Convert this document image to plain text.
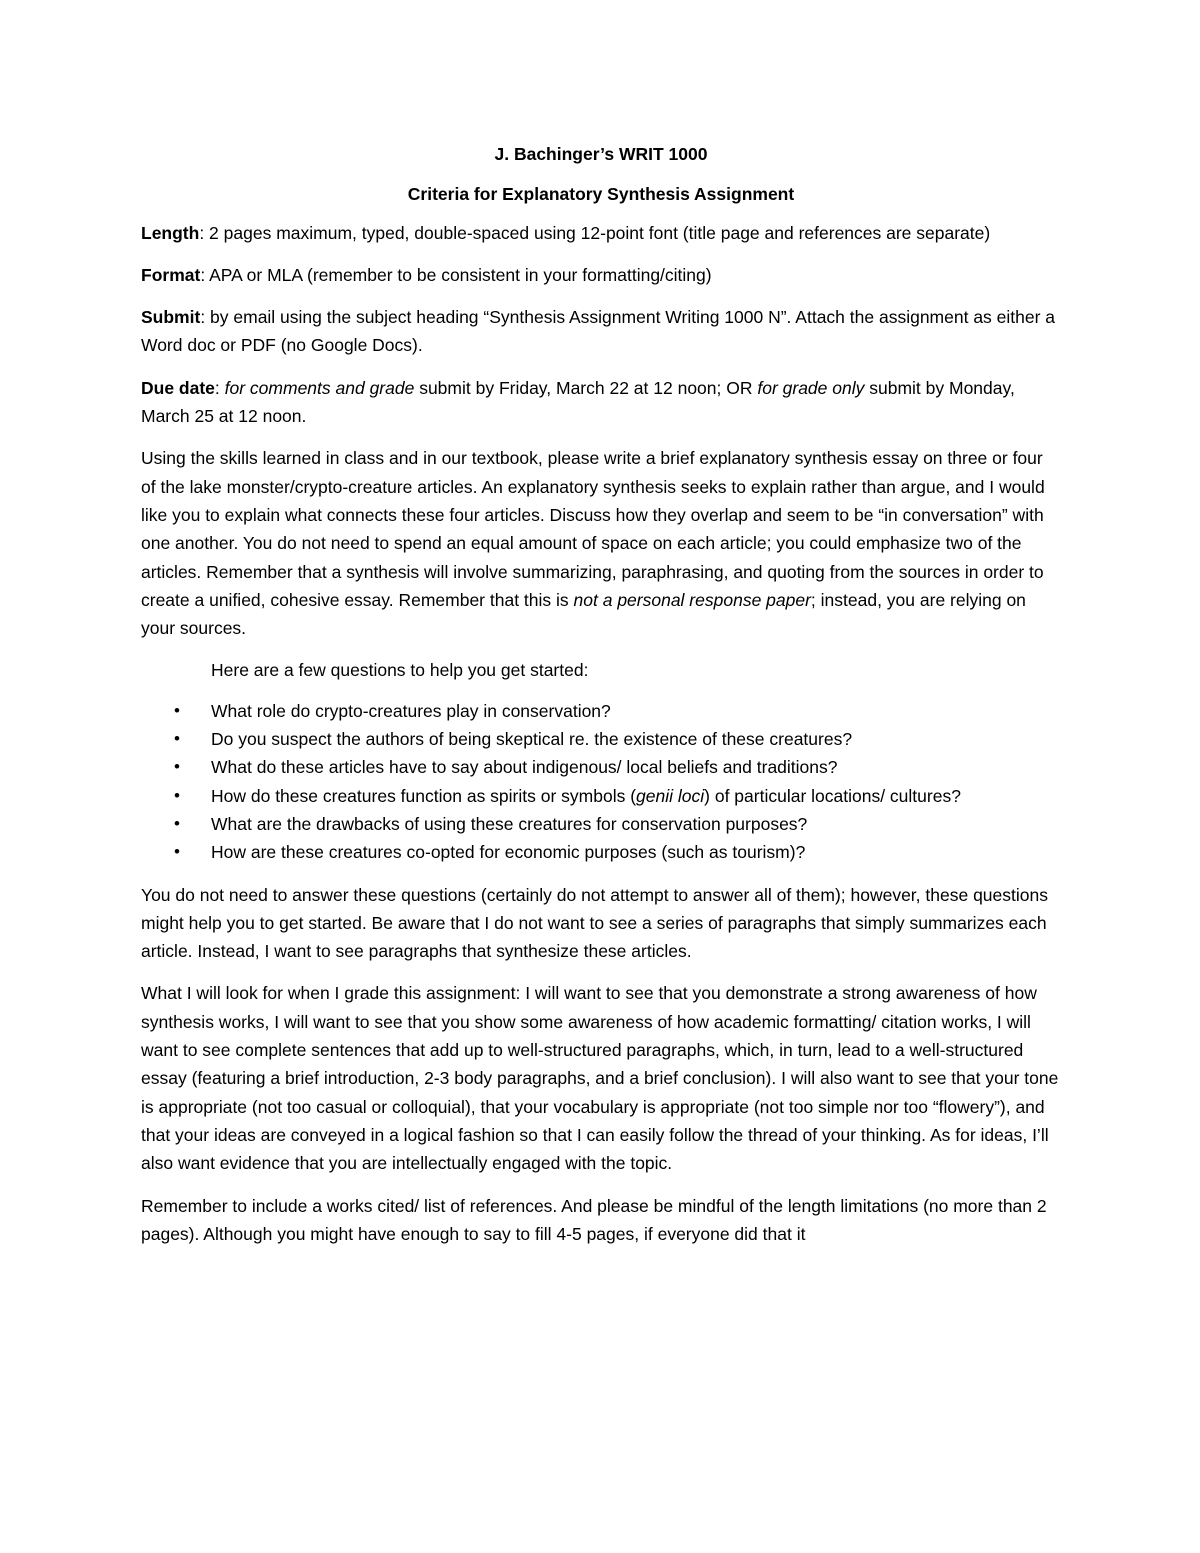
J. Bachinger’s WRIT 1000

Criteria for Explanatory Synthesis Assignment

Length: 2 pages maximum, typed, double-spaced using 12-point font (title page and references are separate)

Format: APA or MLA (remember to be consistent in your formatting/citing)

Submit: by email using the subject heading “Synthesis Assignment Writing 1000 N”. Attach the assignment as either a Word doc or PDF (no Google Docs).

Due date: for comments and grade submit by Friday, March 22 at 12 noon; OR for grade only submit by Monday, March 25 at 12 noon.

Using the skills learned in class and in our textbook, please write a brief explanatory synthesis essay on three or four of the lake monster/crypto-creature articles. An explanatory synthesis seeks to explain rather than argue, and I would like you to explain what connects these four articles. Discuss how they overlap and seem to be “in conversation” with one another. You do not need to spend an equal amount of space on each article; you could emphasize two of the articles. Remember that a synthesis will involve summarizing, paraphrasing, and quoting from the sources in order to create a unified, cohesive essay. Remember that this is not a personal response paper; instead, you are relying on your sources.

Here are a few questions to help you get started:

• What role do crypto-creatures play in conservation?
• Do you suspect the authors of being skeptical re. the existence of these creatures?
• What do these articles have to say about indigenous/ local beliefs and traditions?
• How do these creatures function as spirits or symbols (genii loci) of particular locations/ cultures?
• What are the drawbacks of using these creatures for conservation purposes?
• How are these creatures co-opted for economic purposes (such as tourism)?

You do not need to answer these questions (certainly do not attempt to answer all of them); however, these questions might help you to get started. Be aware that I do not want to see a series of paragraphs that simply summarizes each article. Instead, I want to see paragraphs that synthesize these articles.

What I will look for when I grade this assignment: I will want to see that you demonstrate a strong awareness of how synthesis works, I will want to see that you show some awareness of how academic formatting/ citation works, I will want to see complete sentences that add up to well-structured paragraphs, which, in turn, lead to a well-structured essay (featuring a brief introduction, 2-3 body paragraphs, and a brief conclusion). I will also want to see that your tone is appropriate (not too casual or colloquial), that your vocabulary is appropriate (not too simple nor too “flowery”), and that your ideas are conveyed in a logical fashion so that I can easily follow the thread of your thinking. As for ideas, I’ll also want evidence that you are intellectually engaged with the topic.

Remember to include a works cited/ list of references. And please be mindful of the length limitations (no more than 2 pages). Although you might have enough to say to fill 4-5 pages, if everyone did that it
